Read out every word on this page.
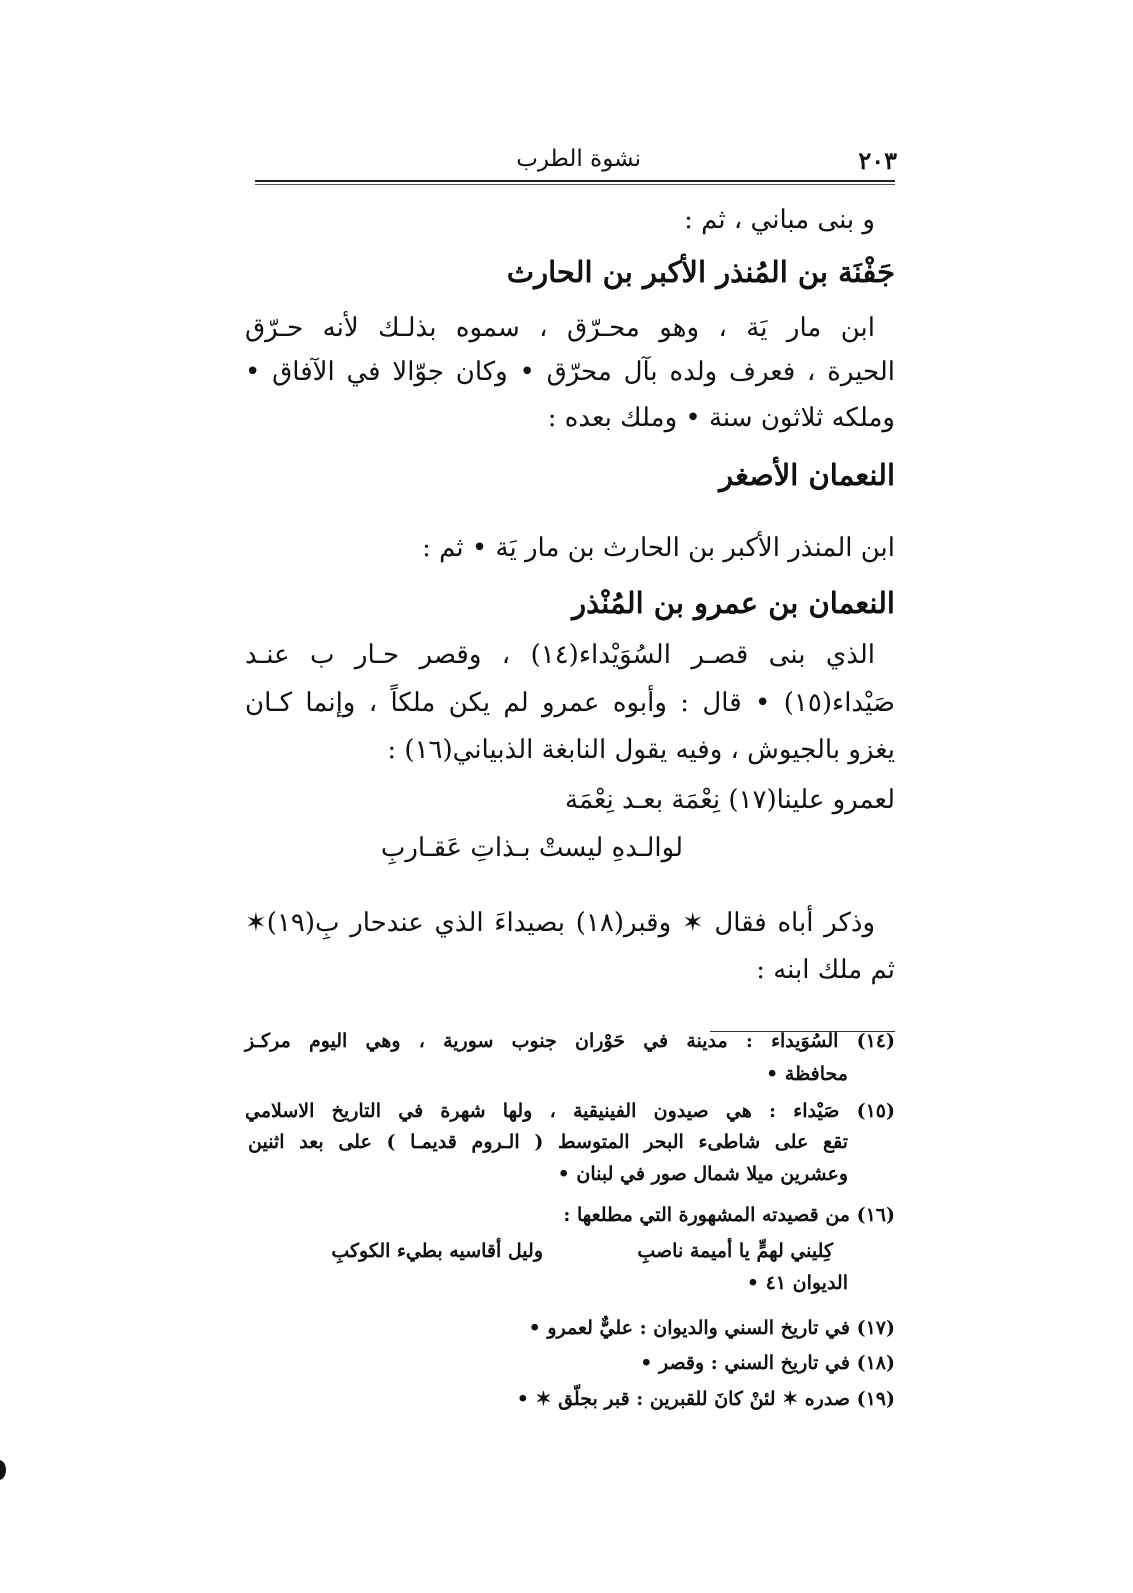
٢٠٣
نشوة الطرب
و بنى مباني ، ثم :
جَفْنَة بن المُنذر الأكبر بن الحارث
ابن مار يَة ، وهو محـرّق ، سموه بذلـك لأنه حـرّق
الحيرة ، فعرف ولده بآل محرّق • وكان جوّالا في الآفاق •
وملكه ثلاثون سنة • وملك بعده :
النعمان الأصغر
ابن المنذر الأكبر بن الحارث بن مار يَة • ثم :
النعمان بن عمرو بن المُنْذر
الذي بنى قصـر السُوَيْداء(١٤) ، وقصر حـار ب عنـد
صَيْداء(١٥) • قال : وأبوه عمرو لم يكن ملكاً ، وإنما كـان
يغزو بالجيوش ، وفيه يقول النابغة الذبياني(١٦) :
لعمرو علينا(١٧) نِعْمَة بعـد نِعْمَة
لوالـدهِ ليستْ بـذاتِ عَقـاربِ
وذكر أباه فقال ✶ وقبر(١٨) بصيداءَ الذي عندحار بِ(١٩)✶
ثم ملك ابنه :
(١٤) السُوَيداء : مدينة في حَوْران جنوب سورية ، وهي اليوم مركـز
محافظة •
(١٥) صَيْداء : هي صيدون الفينيقية ، ولها شهرة في التاريخ الاسلامي
تقع على شاطىء البحر المتوسط ( الـروم قديمـا ) على بعد اثنين
وعشرين ميلا شمال صور في لبنان •
(١٦) من قصيدته المشهورة التي مطلعها :
كِليني لهمٍّ يا أميمة ناصبِ
وليل أقاسيه بطيء الكوكبِ
الديوان ٤١ •
(١٧) في تاريخ السني والديوان : عليٌّ لعمرو •
(١٨) في تاريخ السني : وقصر •
(١٩) صدره ✶ لئنْ كانَ للقبرين : قبر بجلّق ✶ •
